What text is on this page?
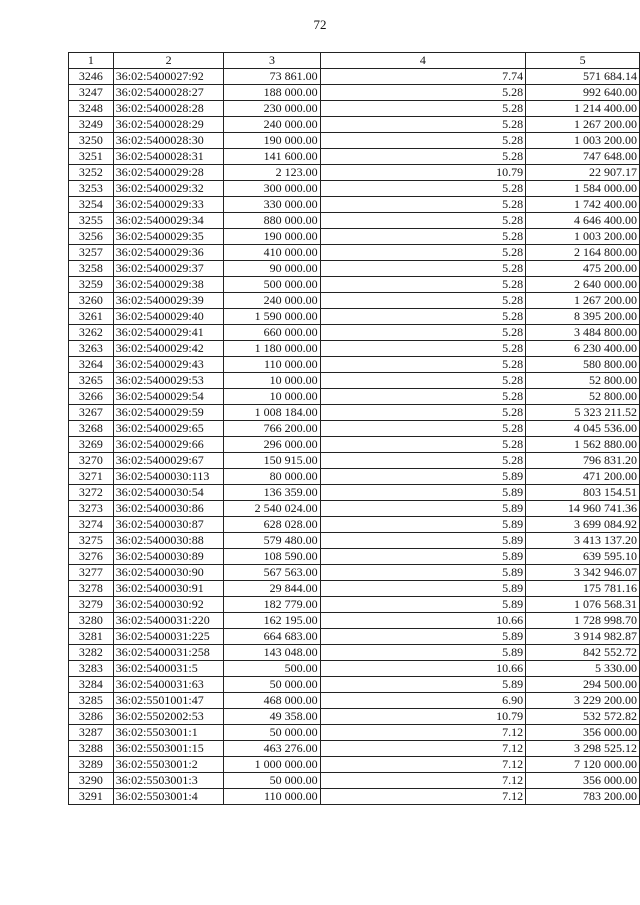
72
1	2	3	4	5
3246	36:02:5400027:92	73 861.00	7.74	571 684.14
3247	36:02:5400028:27	188 000.00	5.28	992 640.00
3248	36:02:5400028:28	230 000.00	5.28	1 214 400.00
3249	36:02:5400028:29	240 000.00	5.28	1 267 200.00
3250	36:02:5400028:30	190 000.00	5.28	1 003 200.00
3251	36:02:5400028:31	141 600.00	5.28	747 648.00
3252	36:02:5400029:28	2 123.00	10.79	22 907.17
3253	36:02:5400029:32	300 000.00	5.28	1 584 000.00
3254	36:02:5400029:33	330 000.00	5.28	1 742 400.00
3255	36:02:5400029:34	880 000.00	5.28	4 646 400.00
3256	36:02:5400029:35	190 000.00	5.28	1 003 200.00
3257	36:02:5400029:36	410 000.00	5.28	2 164 800.00
3258	36:02:5400029:37	90 000.00	5.28	475 200.00
3259	36:02:5400029:38	500 000.00	5.28	2 640 000.00
3260	36:02:5400029:39	240 000.00	5.28	1 267 200.00
3261	36:02:5400029:40	1 590 000.00	5.28	8 395 200.00
3262	36:02:5400029:41	660 000.00	5.28	3 484 800.00
3263	36:02:5400029:42	1 180 000.00	5.28	6 230 400.00
3264	36:02:5400029:43	110 000.00	5.28	580 800.00
3265	36:02:5400029:53	10 000.00	5.28	52 800.00
3266	36:02:5400029:54	10 000.00	5.28	52 800.00
3267	36:02:5400029:59	1 008 184.00	5.28	5 323 211.52
3268	36:02:5400029:65	766 200.00	5.28	4 045 536.00
3269	36:02:5400029:66	296 000.00	5.28	1 562 880.00
3270	36:02:5400029:67	150 915.00	5.28	796 831.20
3271	36:02:5400030:113	80 000.00	5.89	471 200.00
3272	36:02:5400030:54	136 359.00	5.89	803 154.51
3273	36:02:5400030:86	2 540 024.00	5.89	14 960 741.36
3274	36:02:5400030:87	628 028.00	5.89	3 699 084.92
3275	36:02:5400030:88	579 480.00	5.89	3 413 137.20
3276	36:02:5400030:89	108 590.00	5.89	639 595.10
3277	36:02:5400030:90	567 563.00	5.89	3 342 946.07
3278	36:02:5400030:91	29 844.00	5.89	175 781.16
3279	36:02:5400030:92	182 779.00	5.89	1 076 568.31
3280	36:02:5400031:220	162 195.00	10.66	1 728 998.70
3281	36:02:5400031:225	664 683.00	5.89	3 914 982.87
3282	36:02:5400031:258	143 048.00	5.89	842 552.72
3283	36:02:5400031:5	500.00	10.66	5 330.00
3284	36:02:5400031:63	50 000.00	5.89	294 500.00
3285	36:02:5501001:47	468 000.00	6.90	3 229 200.00
3286	36:02:5502002:53	49 358.00	10.79	532 572.82
3287	36:02:5503001:1	50 000.00	7.12	356 000.00
3288	36:02:5503001:15	463 276.00	7.12	3 298 525.12
3289	36:02:5503001:2	1 000 000.00	7.12	7 120 000.00
3290	36:02:5503001:3	50 000.00	7.12	356 000.00
3291	36:02:5503001:4	110 000.00	7.12	783 200.00
